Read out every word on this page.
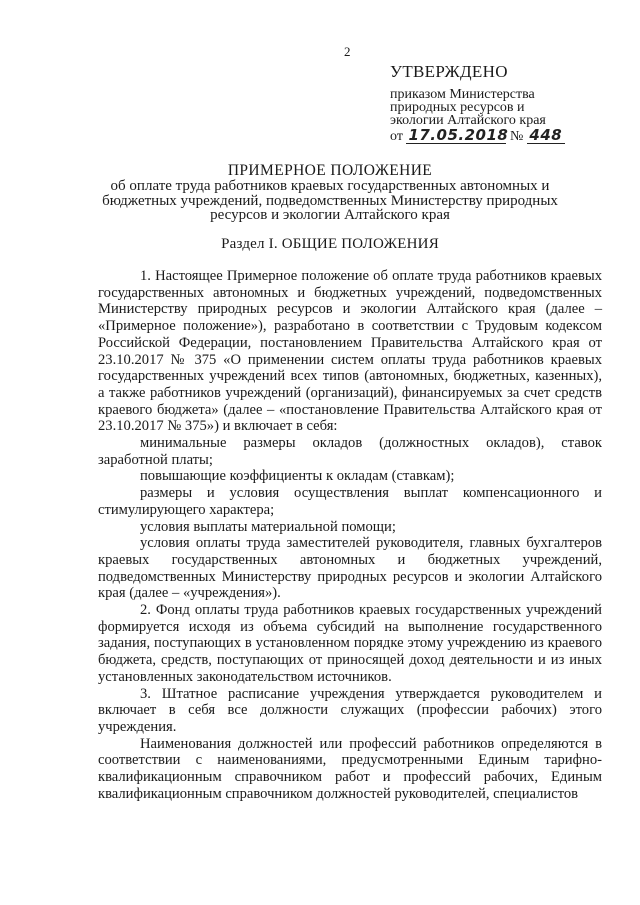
2
УТВЕРЖДЕНО
приказом Министерства
природных ресурсов и
экологии Алтайского края
от 17.05.2018 № 448
ПРИМЕРНОЕ ПОЛОЖЕНИЕ
об оплате труда работников краевых государственных автономных и бюджетных учреждений, подведомственных Министерству природных ресурсов и экологии Алтайского края
Раздел I. ОБЩИЕ ПОЛОЖЕНИЯ

1. Настоящее Примерное положение об оплате труда работников краевых государственных автономных и бюджетных учреждений, подведомственных Министерству природных ресурсов и экологии Алтайского края (далее – «Примерное положение»), разработано в соответствии с Трудовым кодексом Российской Федерации, постановлением Правительства Алтайского края от 23.10.2017 № 375 «О применении систем оплаты труда работников краевых государственных учреждений всех типов (автономных, бюджетных, казенных), а также работников учреждений (организаций), финансируемых за счет средств краевого бюджета» (далее – «постановление Правительства Алтайского края от 23.10.2017 № 375») и включает в себя:

минимальные размеры окладов (должностных окладов), ставок заработной платы;

повышающие коэффициенты к окладам (ставкам);

размеры и условия осуществления выплат компенсационного и стимулирующего характера;

условия выплаты материальной помощи;

условия оплаты труда заместителей руководителя, главных бухгалтеров краевых государственных автономных и бюджетных учреждений, подведомственных Министерству природных ресурсов и экологии Алтайского края (далее – «учреждения»).

2. Фонд оплаты труда работников краевых государственных учреждений формируется исходя из объема субсидий на выполнение государственного задания, поступающих в установленном порядке этому учреждению из краевого бюджета, средств, поступающих от приносящей доход деятельности и из иных установленных законодательством источников.

3. Штатное расписание учреждения утверждается руководителем и включает в себя все должности служащих (профессии рабочих) этого учреждения.

Наименования должностей или профессий работников определяются в соответствии с наименованиями, предусмотренными Единым тарифно-квалификационным справочником работ и профессий рабочих, Единым квалификационным справочником должностей руководителей, специалистов
